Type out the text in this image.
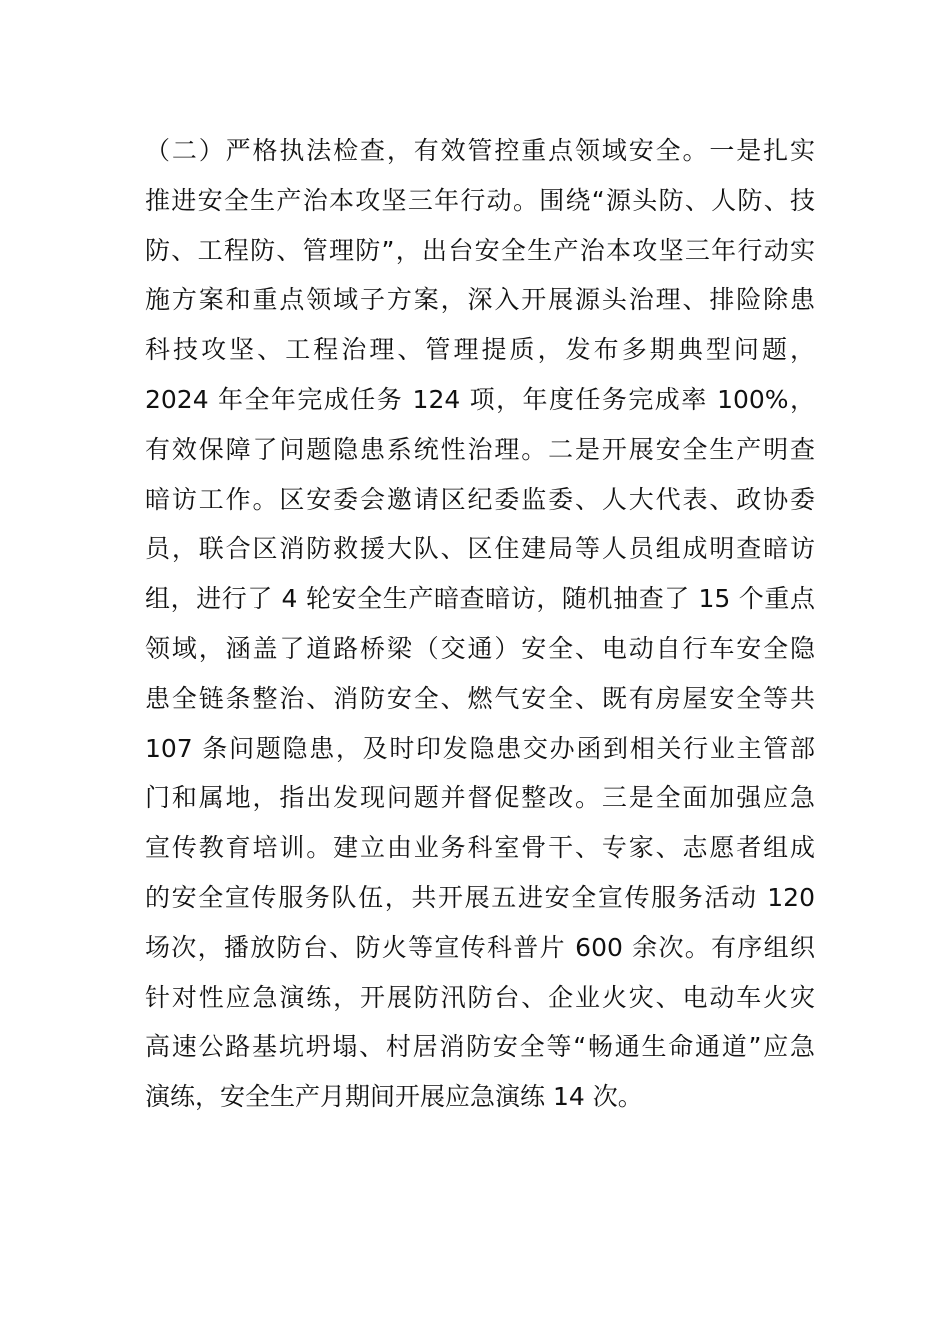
（二）严格执法检查，有效管控重点领域安全。一是扎实
推进安全生产治本攻坚三年行动。围绕“源头防、人防、技
防、工程防、管理防”，出台安全生产治本攻坚三年行动实
施方案和重点领域子方案，深入开展源头治理、排险除患
科技攻坚、工程治理、管理提质，发布多期典型问题，
2024 年全年完成任务 124 项，年度任务完成率 100%，
有效保障了问题隐患系统性治理。二是开展安全生产明查
暗访工作。区安委会邀请区纪委监委、人大代表、政协委
员，联合区消防救援大队、区住建局等人员组成明查暗访
组，进行了 4 轮安全生产暗查暗访，随机抽查了 15 个重点
领域，涵盖了道路桥梁（交通）安全、电动自行车安全隐
患全链条整治、消防安全、燃气安全、既有房屋安全等共
107 条问题隐患，及时印发隐患交办函到相关行业主管部
门和属地，指出发现问题并督促整改。三是全面加强应急
宣传教育培训。建立由业务科室骨干、专家、志愿者组成
的安全宣传服务队伍，共开展五进安全宣传服务活动 120
场次，播放防台、防火等宣传科普片 600 余次。有序组织
针对性应急演练，开展防汛防台、企业火灾、电动车火灾
高速公路基坑坍塌、村居消防安全等“畅通生命通道”应急
演练，安全生产月期间开展应急演练 14 次。
